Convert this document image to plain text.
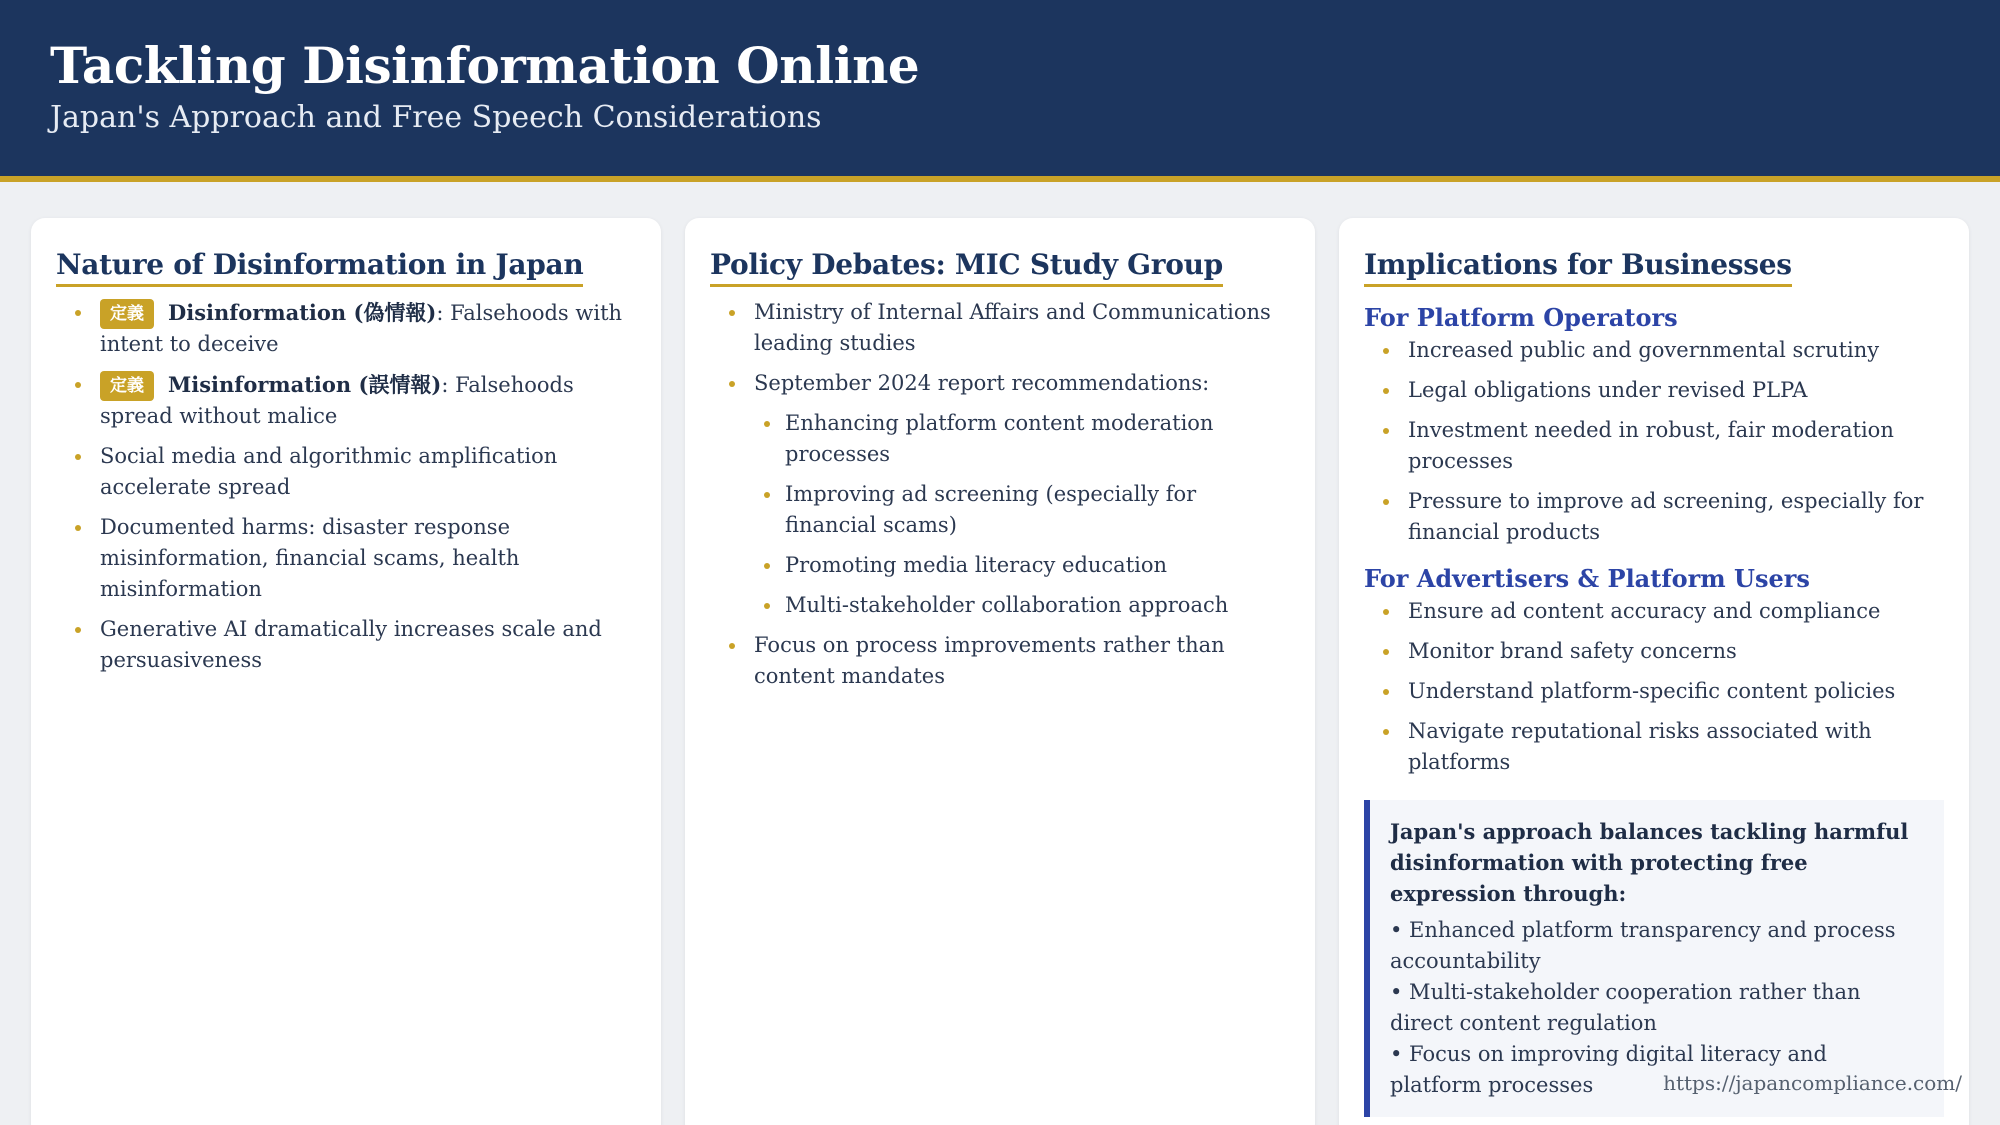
Tackling Disinformation Online
Japan's Approach and Free Speech Considerations
Nature of Disinformation in Japan
定義 Disinformation (偽情報): Falsehoods with intent to deceive
定義 Misinformation (誤情報): Falsehoods spread without malice
Social media and algorithmic amplification accelerate spread
Documented harms: disaster response misinformation, financial scams, health misinformation
Generative AI dramatically increases scale and persuasiveness
Policy Debates: MIC Study Group
Ministry of Internal Affairs and Communications leading studies
September 2024 report recommendations:
Enhancing platform content moderation processes
Improving ad screening (especially for financial scams)
Promoting media literacy education
Multi-stakeholder collaboration approach
Focus on process improvements rather than content mandates
Implications for Businesses
For Platform Operators
Increased public and governmental scrutiny
Legal obligations under revised PLPA
Investment needed in robust, fair moderation processes
Pressure to improve ad screening, especially for financial products
For Advertisers & Platform Users
Ensure ad content accuracy and compliance
Monitor brand safety concerns
Understand platform-specific content policies
Navigate reputational risks associated with platforms
Japan's approach balances tackling harmful disinformation with protecting free expression through:
• Enhanced platform transparency and process accountability
• Multi-stakeholder cooperation rather than direct content regulation
• Focus on improving digital literacy and platform processes	https://japancompliance.com/
